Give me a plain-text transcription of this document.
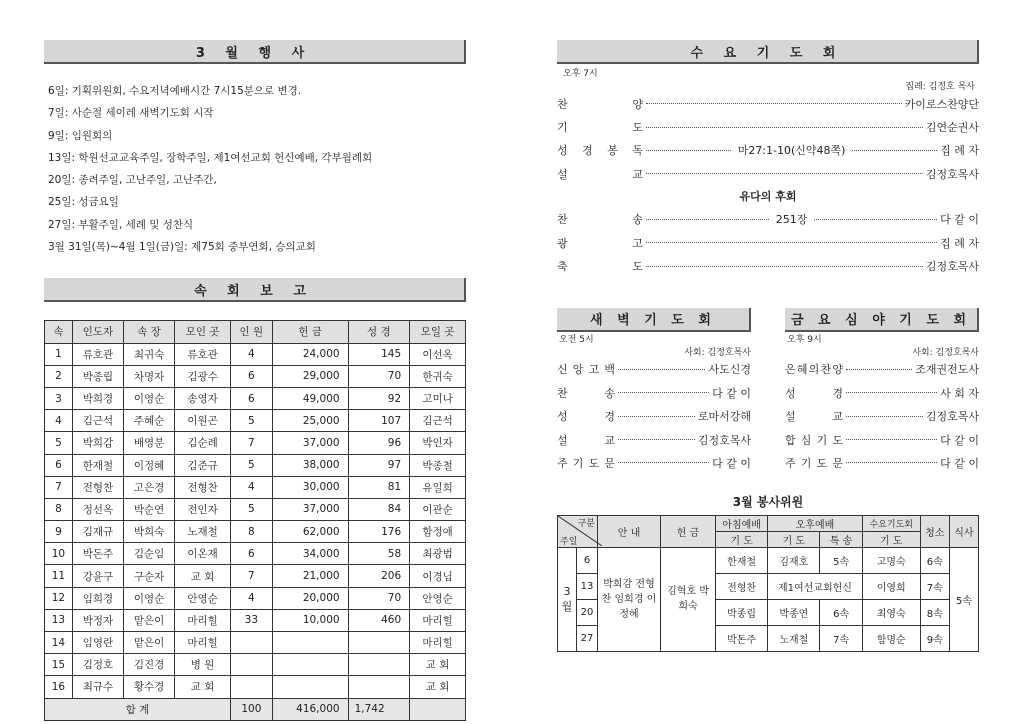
3 월 행 사
6일: 기획위원회, 수요저녁예배시간 7시15분으로 변경.
7일: 사순절 세이레 새벽기도회 시작
9일: 임원회의
13일: 학원선교교육주일, 장학주일, 제1여선교회 헌신예배, 각부월례회
20일: 종려주일, 고난주일, 고난주간,
25일: 성금요일
27일: 부활주일, 세례 및 성찬식
3월 31일(목)~4월 1일(금)일: 제75회 중부연회, 승의교회
속 회 보 고
속	인도자	속 장	모인 곳	인 원	헌 금	성 경	모일 곳
1	류호관	최귀숙	류호관	4	24,000	145	이선옥
2	박종립	차명자	김광수	6	29,000	70	한귀숙
3	박희경	이영순	송영자	6	49,000	92	고미나
4	김근석	주혜순	이원곤	5	25,000	107	김근석
5	박희감	배영분	김순례	7	37,000	96	박인자
6	한재철	이정혜	김준규	5	38,000	97	박종철
7	전형찬	고은경	전형찬	4	30,000	81	유일희
8	정선옥	박순연	전인자	5	37,000	84	이관순
9	김재규	박희숙	노재철	8	62,000	176	함정애
10	박돈주	김순임	이온재	6	34,000	58	최광범
11	강윤구	구순자	교 회	7	21,000	206	이경님
12	임희경	이영순	안영순	4	20,000	70	안영순
13	박정자	맡은이	마리힐	33	10,000	460	마리힐
14	임영란	맡은이	마리힐				마리힐
15	김정호	김진경	병 원				교 회
16	최규수	황수경	교 회				교 회
합 계				100	416,000	1,742	
수 요 기 도 회
오후 7시
집례: 김정호 목사
찬	양	카이로스찬양단
기	도	김연순권사
성 경 봉 독	마27:1-10(신약48쪽)	집 례 자
설	교	김정호목사
유다의 후회
찬	송	251장	다 같 이
광	고	집 례 자
축	도	김정호목사
새 벽 기 도 회
오전 5시
사회: 김정호목사
신 앙 고 백	사도신경
찬	송	다 같 이
성	경	로마서강해
설	교	김정호목사
주 기 도 문	다 같 이
금 요 심 야 기 도 회
오후 9시
사회: 김정호목사
은 혜 의 찬 양	조재권전도사
성	경	사 회 자
설	교	김정호목사
합 심 기 도	다 같 이
주 기 도 문	다 같 이
3월 봉사위원
구분
주일		안 내	헌 금	아침예배	오후예배		수요기도회	청소	식사
				기 도	기 도	특 송	기 도		
3월	6	박희감 전형찬 임희경 이정혜	김혁호 박희숙	한재철	김재호	5속	고명숙	6속	5속
	13			전형찬	제1여선교회헌신		이영희	7속	
	20			박종립	박종연	6속	최영숙	8속	
	27			박돈주	노재철	7속	함명순	9속	
